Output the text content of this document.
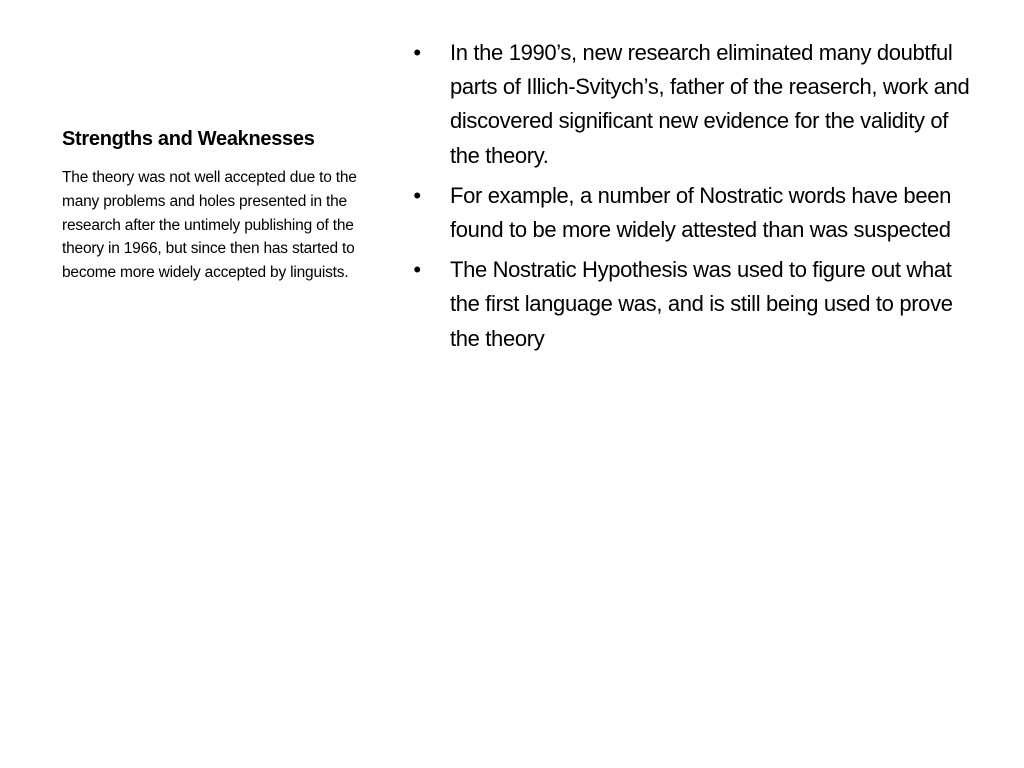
Strengths and Weaknesses

The theory was not well accepted due to the many problems and holes presented in the research after the untimely publishing of the theory in 1966, but since then has started to become more widely accepted by linguists.

• In the 1990’s, new research eliminated many doubtful parts of Illich-Svitych’s, father of the reaserch, work and discovered significant new evidence for the validity of the theory.
• For example, a number of Nostratic words have been found to be more widely attested than was suspected
• The Nostratic Hypothesis was used to figure out what the first language was, and is still being used to prove the theory
